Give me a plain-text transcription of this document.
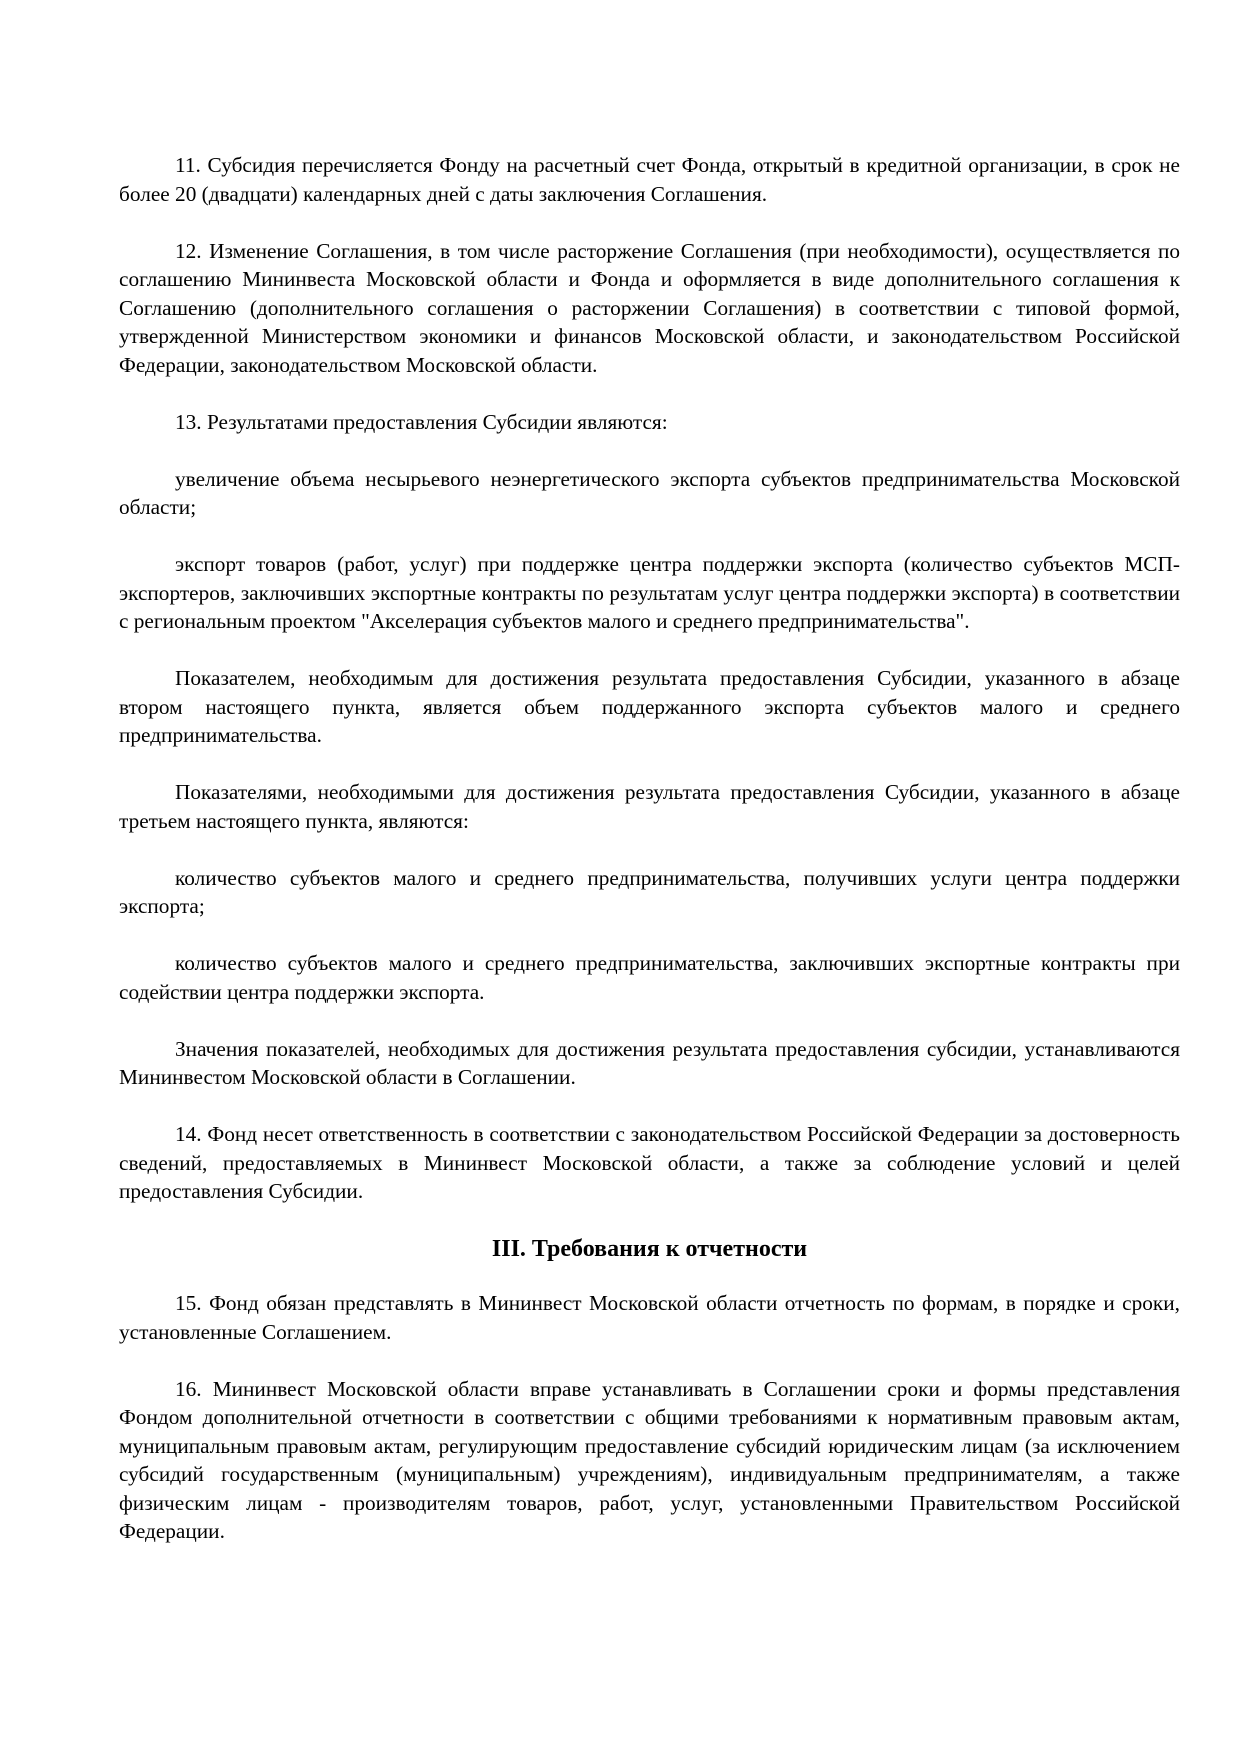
11. Субсидия перечисляется Фонду на расчетный счет Фонда, открытый в кредитной организации, в срок не более 20 (двадцати) календарных дней с даты заключения Соглашения.

12. Изменение Соглашения, в том числе расторжение Соглашения (при необходимости), осуществляется по соглашению Мининвеста Московской области и Фонда и оформляется в виде дополнительного соглашения к Соглашению (дополнительного соглашения о расторжении Соглашения) в соответствии с типовой формой, утвержденной Министерством экономики и финансов Московской области, и законодательством Российской Федерации, законодательством Московской области.

13. Результатами предоставления Субсидии являются:

увеличение объема несырьевого неэнергетического экспорта субъектов предпринимательства Московской области;

экспорт товаров (работ, услуг) при поддержке центра поддержки экспорта (количество субъектов МСП-экспортеров, заключивших экспортные контракты по результатам услуг центра поддержки экспорта) в соответствии с региональным проектом "Акселерация субъектов малого и среднего предпринимательства".

Показателем, необходимым для достижения результата предоставления Субсидии, указанного в абзаце втором настоящего пункта, является объем поддержанного экспорта субъектов малого и среднего предпринимательства.

Показателями, необходимыми для достижения результата предоставления Субсидии, указанного в абзаце третьем настоящего пункта, являются:

количество субъектов малого и среднего предпринимательства, получивших услуги центра поддержки экспорта;

количество субъектов малого и среднего предпринимательства, заключивших экспортные контракты при содействии центра поддержки экспорта.

Значения показателей, необходимых для достижения результата предоставления субсидии, устанавливаются Мининвестом Московской области в Соглашении.

14. Фонд несет ответственность в соответствии с законодательством Российской Федерации за достоверность сведений, предоставляемых в Мининвест Московской области, а также за соблюдение условий и целей предоставления Субсидии.

III. Требования к отчетности

15. Фонд обязан представлять в Мининвест Московской области отчетность по формам, в порядке и сроки, установленные Соглашением.

16. Мининвест Московской области вправе устанавливать в Соглашении сроки и формы представления Фондом дополнительной отчетности в соответствии с общими требованиями к нормативным правовым актам, муниципальным правовым актам, регулирующим предоставление субсидий юридическим лицам (за исключением субсидий государственным (муниципальным) учреждениям), индивидуальным предпринимателям, а также физическим лицам - производителям товаров, работ, услуг, установленными Правительством Российской Федерации.
